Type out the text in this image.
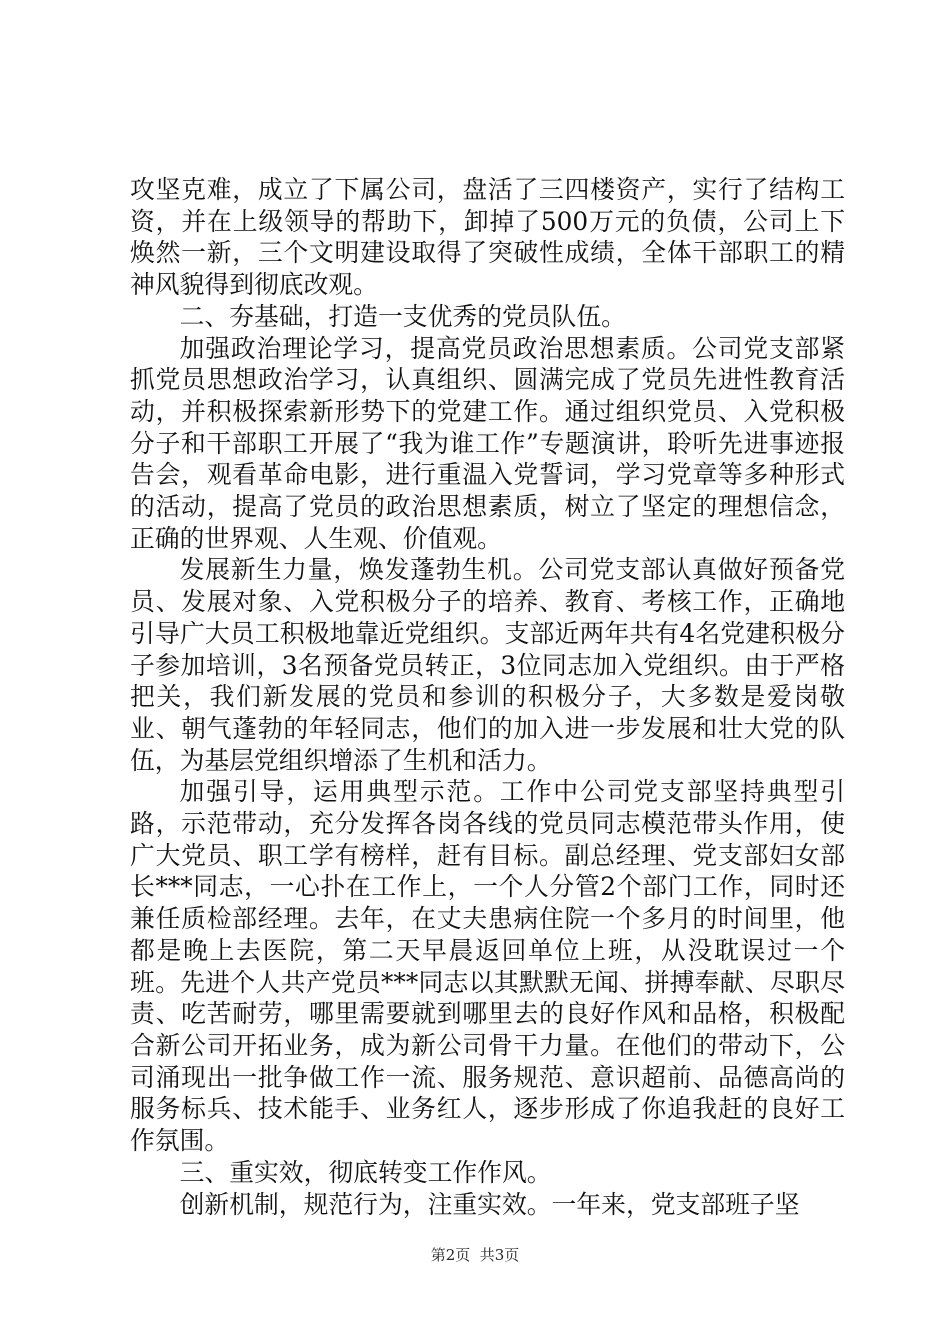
攻坚克难，成立了下属公司，盘活了三四楼资产，实行了结构工资，并在上级领导的帮助下，卸掉了500万元的负债，公司上下焕然一新，三个文明建设取得了突破性成绩，全体干部职工的精神风貌得到彻底改观。

二、夯基础，打造一支优秀的党员队伍。

加强政治理论学习，提高党员政治思想素质。公司党支部紧抓党员思想政治学习，认真组织、圆满完成了党员先进性教育活动，并积极探索新形势下的党建工作。通过组织党员、入党积极分子和干部职工开展了“我为谁工作”专题演讲，聆听先进事迹报告会，观看革命电影，进行重温入党誓词，学习党章等多种形式的活动，提高了党员的政治思想素质，树立了坚定的理想信念，正确的世界观、人生观、价值观。

发展新生力量，焕发蓬勃生机。公司党支部认真做好预备党员、发展对象、入党积极分子的培养、教育、考核工作，正确地引导广大员工积极地靠近党组织。支部近两年共有4名党建积极分子参加培训，3名预备党员转正，3位同志加入党组织。由于严格把关，我们新发展的党员和参训的积极分子，大多数是爱岗敬业、朝气蓬勃的年轻同志，他们的加入进一步发展和壮大党的队伍，为基层党组织增添了生机和活力。

加强引导，运用典型示范。工作中公司党支部坚持典型引路，示范带动，充分发挥各岗各线的党员同志模范带头作用，使广大党员、职工学有榜样，赶有目标。副总经理、党支部妇女部长***同志，一心扑在工作上，一个人分管2个部门工作，同时还兼任质检部经理。去年，在丈夫患病住院一个多月的时间里，他都是晚上去医院，第二天早晨返回单位上班，从没耽误过一个班。先进个人共产党员***同志以其默默无闻、拼搏奉献、尽职尽责、吃苦耐劳，哪里需要就到哪里去的良好作风和品格，积极配合新公司开拓业务，成为新公司骨干力量。在他们的带动下，公司涌现出一批争做工作一流、服务规范、意识超前、品德高尚的服务标兵、技术能手、业务红人，逐步形成了你追我赶的良好工作氛围。

三、重实效，彻底转变工作作风。

创新机制，规范行为，注重实效。一年来，党支部班子坚

第2页  共3页
